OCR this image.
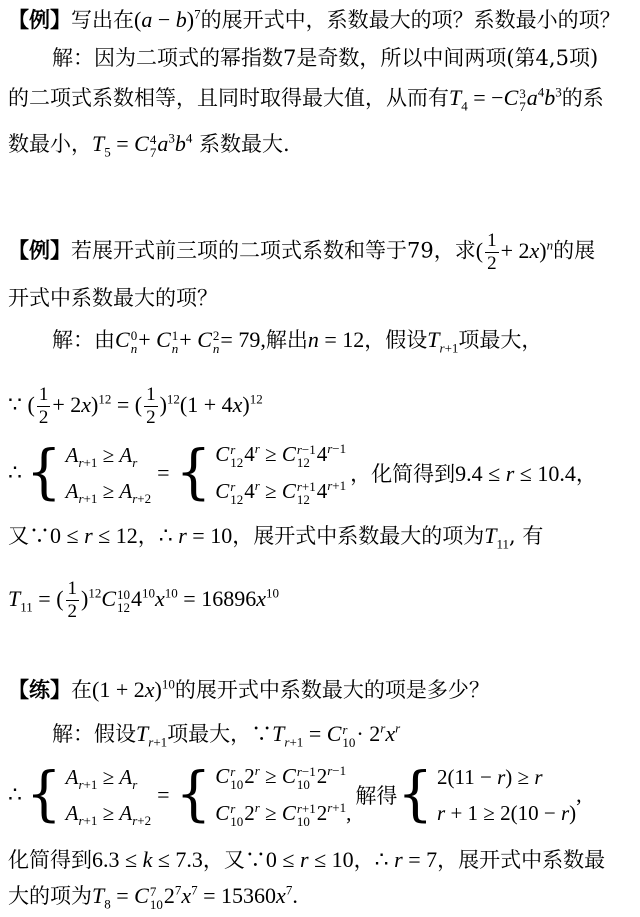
【例】写出在$(a - b)^7$的展开式中，系数最大的项？系数最小的项？
解：因为二项式的幂指数7是奇数，所以中间两项(第4,5项)
的二项式系数相等，且同时取得最大值，从而有$T_4 = -C$ 3
7 $a^4b^3$的系
数最小，$T_5 = C$ 4
7 $a^3b^4$ 系数最大.
【例】若展开式前三项的二项式系数和等于79，求( $\frac{1}{2} + 2x)^n$的展
开式中系数最大的项？
解：由C 0
n + C 1
n + C 2
n = 79,解出n = 12，假设$T_{r+1}$项最大，
∵ ( $\frac{1}{2} + 2x)^{12}$ = ( $\frac{1}{2} )^{12}(1 + 4x)^{12}$
∴ { $A_{r+1} \ge A_r$
$A_{r+1} \ge A_{r+2}$
= { C r
12 $4^r \ge C$ r−1
12 $4^{r-1}$
C r
12 $4^r \ge C$ r+1
12 $4^{r+1}$ ，化简得到9.4 ≤ r ≤ 10.4，
又∵0 ≤ r ≤ 12，∴ r = 10，展开式中系数最大的项为$T_{11}$, 有
$T_{11}$ = ( $\frac{1}{2} )^{12}C$ 10
12 $4^{10}x^{10} = 16896x^{10}$
【练】在$(1 + 2x)^{10}$的展开式中系数最大的项是多少？
解：假设$T_{r+1}$项最大，$\because T_{r+1} = C$ r
$10 \cdot 2^rx^r$
∴ { $A_{r+1} \ge A_r$
$A_{r+1} \ge A_{r+2}$
= { C r
10 $2^r \ge C$ r−1
10 $2^{r-1}$
C r
10 $2^r \ge C$ r+1
10 $2^{r+1}$,
解得 { 2(11 − r) ≥ r
r + 1 ≥ 2(10 − r)
,
化简得到6.3 ≤ k ≤ 7.3，又∵0 ≤ r ≤ 10，∴ r = 7，展开式中系数最
大的项为$T_8 = C$ 7
10 $2^7x^7 = 15360x^7$.
